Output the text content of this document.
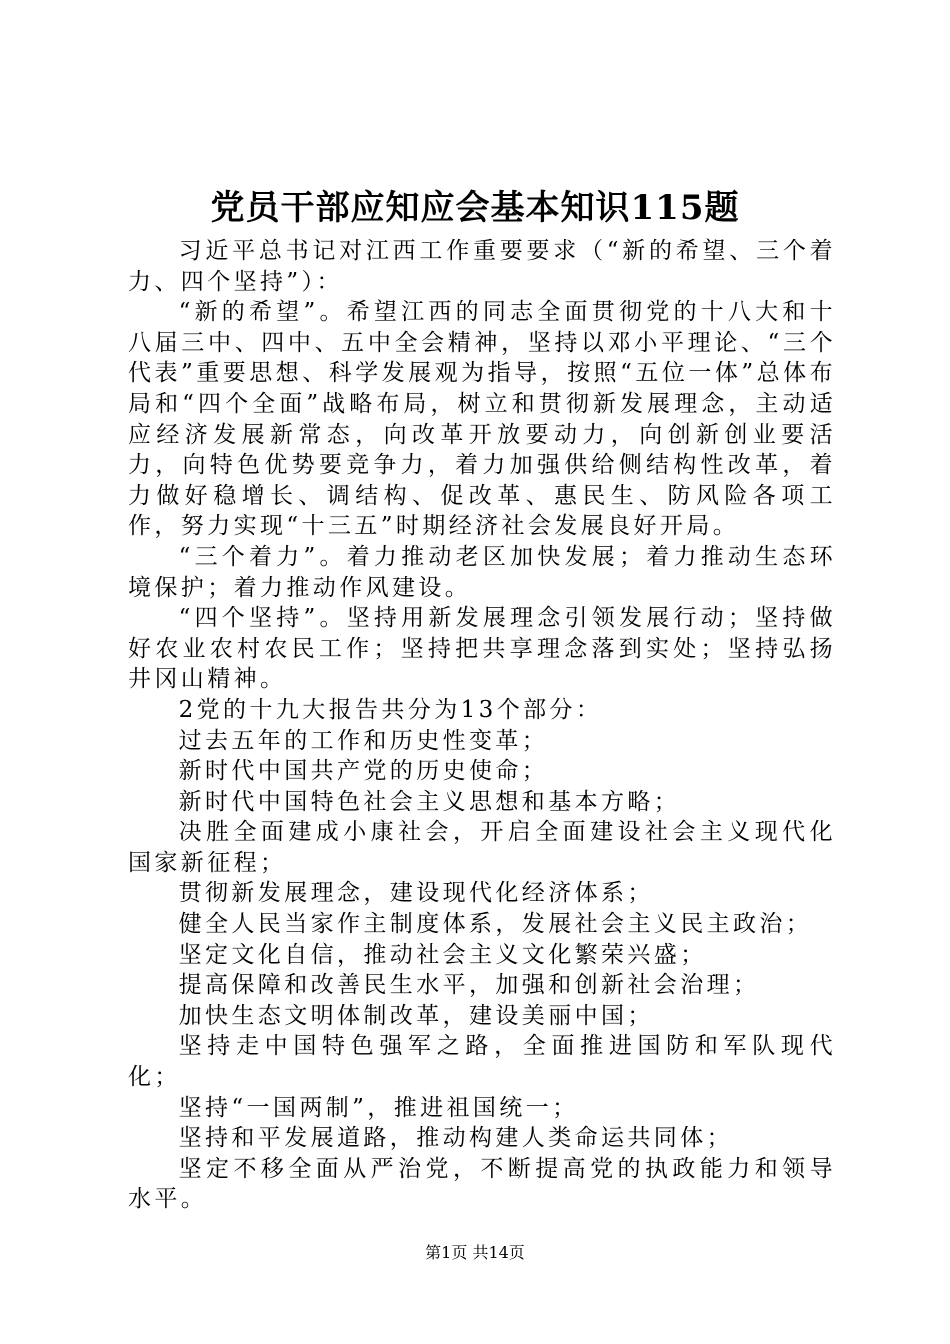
党员干部应知应会基本知识115题

习近平总书记对江西工作重要要求（“新的希望、三个着力、四个坚持”）：

“新的希望”。希望江西的同志全面贯彻党的十八大和十八届三中、四中、五中全会精神，坚持以邓小平理论、“三个代表”重要思想、科学发展观为指导，按照“五位一体”总体布局和“四个全面”战略布局，树立和贯彻新发展理念，主动适应经济发展新常态，向改革开放要动力，向创新创业要活力，向特色优势要竞争力，着力加强供给侧结构性改革，着力做好稳增长、调结构、促改革、惠民生、防风险各项工作，努力实现“十三五”时期经济社会发展良好开局。

“三个着力”。着力推动老区加快发展；着力推动生态环境保护；着力推动作风建设。

“四个坚持”。坚持用新发展理念引领发展行动；坚持做好农业农村农民工作；坚持把共享理念落到实处；坚持弘扬井冈山精神。

2党的十九大报告共分为13个部分：

过去五年的工作和历史性变革；

新时代中国共产党的历史使命；

新时代中国特色社会主义思想和基本方略；

决胜全面建成小康社会，开启全面建设社会主义现代化国家新征程；

贯彻新发展理念，建设现代化经济体系；

健全人民当家作主制度体系，发展社会主义民主政治；

坚定文化自信，推动社会主义文化繁荣兴盛；

提高保障和改善民生水平，加强和创新社会治理；

加快生态文明体制改革，建设美丽中国；

坚持走中国特色强军之路，全面推进国防和军队现代化；

坚持“一国两制”，推进祖国统一；

坚持和平发展道路，推动构建人类命运共同体；

坚定不移全面从严治党，不断提高党的执政能力和领导水平。

第1页 共14页
